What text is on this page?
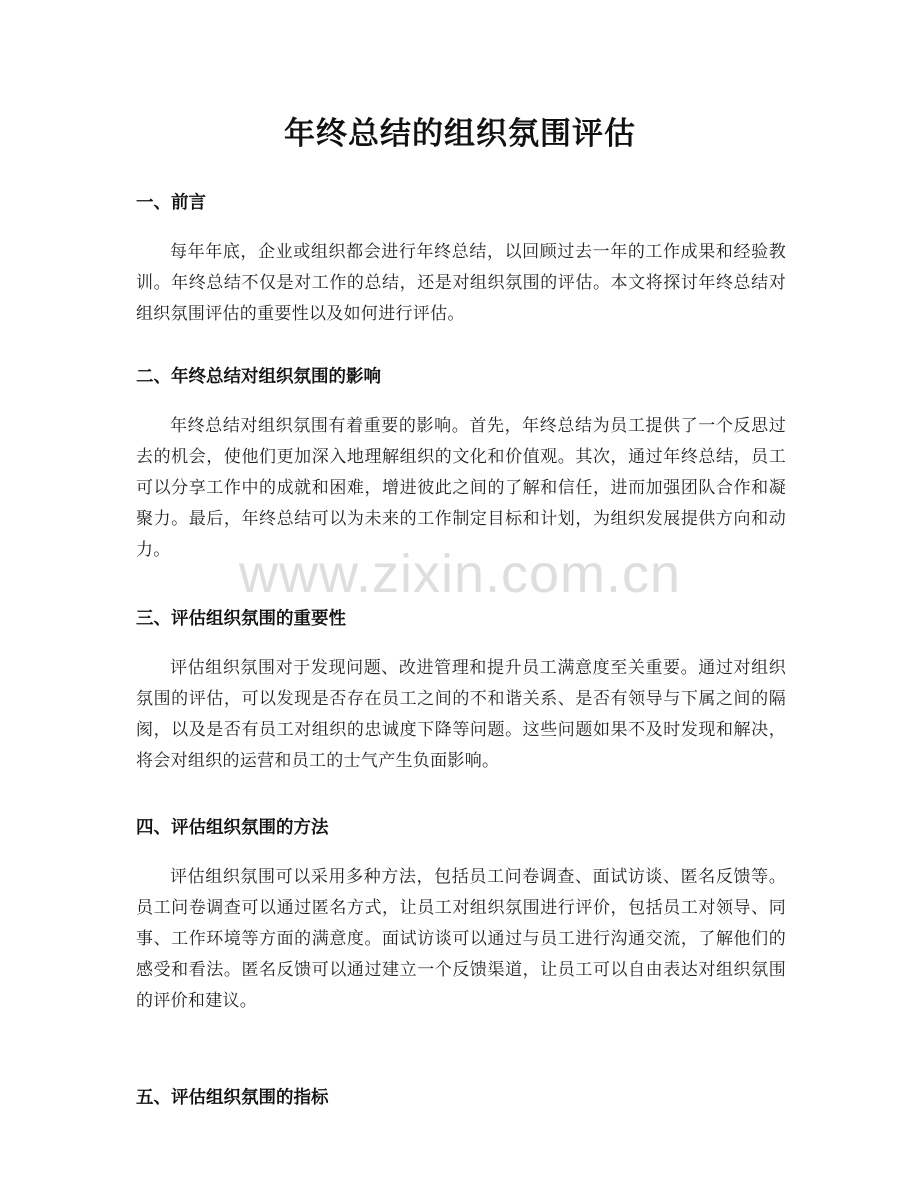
年终总结的组织氛围评估
一、前言

每年年底，企业或组织都会进行年终总结，以回顾过去一年的工作成果和经验教训。年终总结不仅是对工作的总结，还是对组织氛围的评估。本文将探讨年终总结对组织氛围评估的重要性以及如何进行评估。

二、年终总结对组织氛围的影响

年终总结对组织氛围有着重要的影响。首先，年终总结为员工提供了一个反思过去的机会，使他们更加深入地理解组织的文化和价值观。其次，通过年终总结，员工可以分享工作中的成就和困难，增进彼此之间的了解和信任，进而加强团队合作和凝聚力。最后，年终总结可以为未来的工作制定目标和计划，为组织发展提供方向和动力。

三、评估组织氛围的重要性

评估组织氛围对于发现问题、改进管理和提升员工满意度至关重要。通过对组织氛围的评估，可以发现是否存在员工之间的不和谐关系、是否有领导与下属之间的隔阂，以及是否有员工对组织的忠诚度下降等问题。这些问题如果不及时发现和解决，将会对组织的运营和员工的士气产生负面影响。

四、评估组织氛围的方法

评估组织氛围可以采用多种方法，包括员工问卷调查、面试访谈、匿名反馈等。员工问卷调查可以通过匿名方式，让员工对组织氛围进行评价，包括员工对领导、同事、工作环境等方面的满意度。面试访谈可以通过与员工进行沟通交流，了解他们的感受和看法。匿名反馈可以通过建立一个反馈渠道，让员工可以自由表达对组织氛围的评价和建议。

五、评估组织氛围的指标
www.zixin.com.cn
